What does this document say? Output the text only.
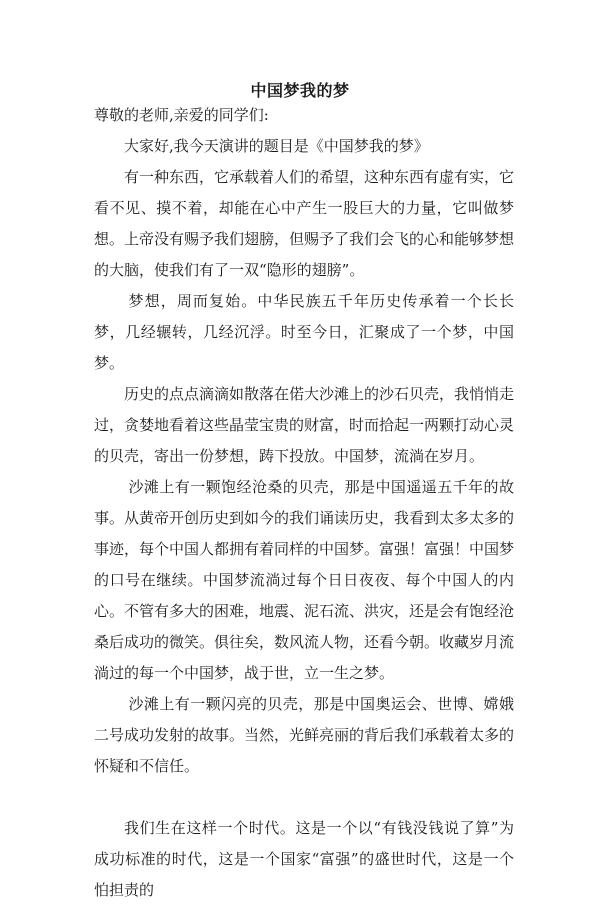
中国梦我的梦

尊敬的老师,亲爱的同学们:

大家好,我今天演讲的题目是《中国梦我的梦》

有一种东西，它承载着人们的希望，这种东西有虚有实，它看不见、摸不着，却能在心中产生一股巨大的力量，它叫做梦想。上帝没有赐予我们翅膀，但赐予了我们会飞的心和能够梦想的大脑，使我们有了一双“隐形的翅膀”。

梦想，周而复始。中华民族五千年历史传承着一个长长梦，几经辗转，几经沉浮。时至今日，汇聚成了一个梦，中国梦。

历史的点点滴滴如散落在偌大沙滩上的沙石贝壳，我悄悄走过，贪婪地看着这些晶莹宝贵的财富，时而拾起一两颗打动心灵的贝壳，寄出一份梦想，踌下投放。中国梦，流淌在岁月。

沙滩上有一颗饱经沧桑的贝壳，那是中国遥遥五千年的故事。从黄帝开创历史到如今的我们诵读历史，我看到太多太多的事迹，每个中国人都拥有着同样的中国梦。富强！富强！中国梦的口号在继续。中国梦流淌过每个日日夜夜、每个中国人的内心。不管有多大的困难，地震、泥石流、洪灾，还是会有饱经沧桑后成功的微笑。俱往矣，数风流人物，还看今朝。收藏岁月流淌过的每一个中国梦，战于世，立一生之梦。

沙滩上有一颗闪亮的贝壳，那是中国奥运会、世博、嫦娥二号成功发射的故事。当然，光鲜亮丽的背后我们承载着太多的怀疑和不信任。

我们生在这样一个时代。这是一个以“有钱没钱说了算”为成功标准的时代，这是一个国家“富强”的盛世时代，这是一个怕担责的
